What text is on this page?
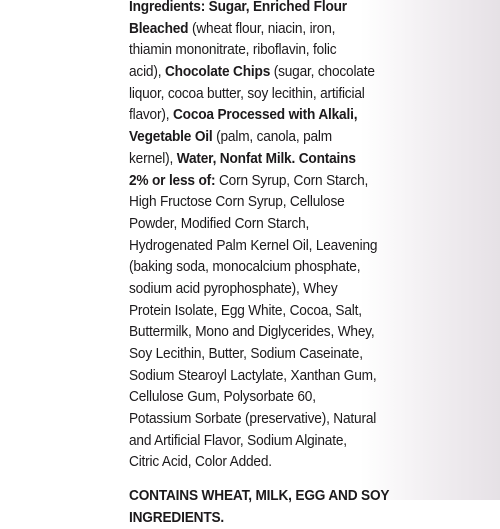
Ingredients: Sugar, Enriched Flour
Bleached (wheat flour, niacin, iron,
thiamin mononitrate, riboflavin, folic
acid), Chocolate Chips (sugar, chocolate
liquor, cocoa butter, soy lecithin, artificial
flavor), Cocoa Processed with Alkali,
Vegetable Oil (palm, canola, palm
kernel), Water, Nonfat Milk. Contains
2% or less of: Corn Syrup, Corn Starch,
High Fructose Corn Syrup, Cellulose
Powder, Modified Corn Starch,
Hydrogenated Palm Kernel Oil, Leavening
(baking soda, monocalcium phosphate,
sodium acid pyrophosphate), Whey
Protein Isolate, Egg White, Cocoa, Salt,
Buttermilk, Mono and Diglycerides, Whey,
Soy Lecithin, Butter, Sodium Caseinate,
Sodium Stearoyl Lactylate, Xanthan Gum,
Cellulose Gum, Polysorbate 60,
Potassium Sorbate (preservative), Natural
and Artificial Flavor, Sodium Alginate,
Citric Acid, Color Added.
CONTAINS WHEAT, MILK, EGG AND SOY
INGREDIENTS.
